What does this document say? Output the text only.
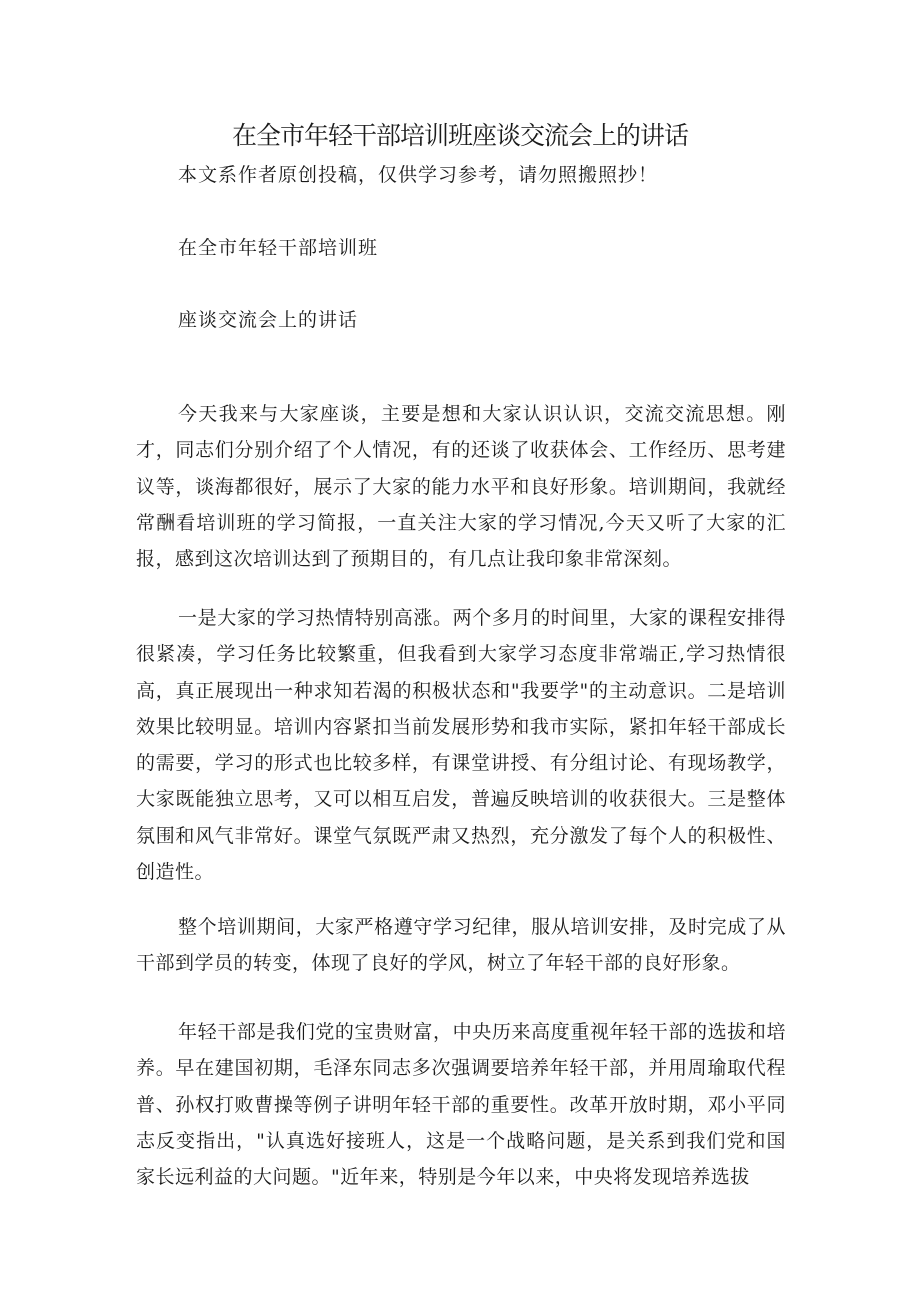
在全市年轻干部培训班座谈交流会上的讲话
本文系作者原创投稿，仅供学习参考，请勿照搬照抄！
在全市年轻干部培训班
座谈交流会上的讲话

今天我来与大家座谈，主要是想和大家认识认识，交流交流思想。刚才，同志们分别介绍了个人情况，有的还谈了收获体会、工作经历、思考建议等，谈海都很好，展示了大家的能力水平和良好形象。培训期间，我就经常酬看培训班的学习简报，一直关注大家的学习情况,今天又听了大家的汇报，感到这次培训达到了预期目的，有几点让我印象非常深刻。

一是大家的学习热情特别高涨。两个多月的时间里，大家的课程安排得很紧凑，学习任务比较繁重，但我看到大家学习态度非常端正,学习热情很高，真正展现出一种求知若渴的积极状态和"我要学"的主动意识。二是培训效果比较明显。培训内容紧扣当前发展形势和我市实际，紧扣年轻干部成长的需要，学习的形式也比较多样，有课堂讲授、有分组讨论、有现场教学，大家既能独立思考，又可以相互启发，普遍反映培训的收获很大。三是整体氛围和风气非常好。课堂气氛既严肃又热烈，充分激发了每个人的积极性、创造性。

整个培训期间，大家严格遵守学习纪律，服从培训安排，及时完成了从干部到学员的转变，体现了良好的学风，树立了年轻干部的良好形象。

年轻干部是我们党的宝贵财富，中央历来高度重视年轻干部的选拔和培养。早在建国初期，毛泽东同志多次强调要培养年轻干部，并用周瑜取代程普、孙权打败曹操等例子讲明年轻干部的重要性。改革开放时期，邓小平同志反变指出，"认真选好接班人，这是一个战略问题，是关系到我们党和国家长远利益的大问题。"近年来，特别是今年以来，中央将发现培养选拔
